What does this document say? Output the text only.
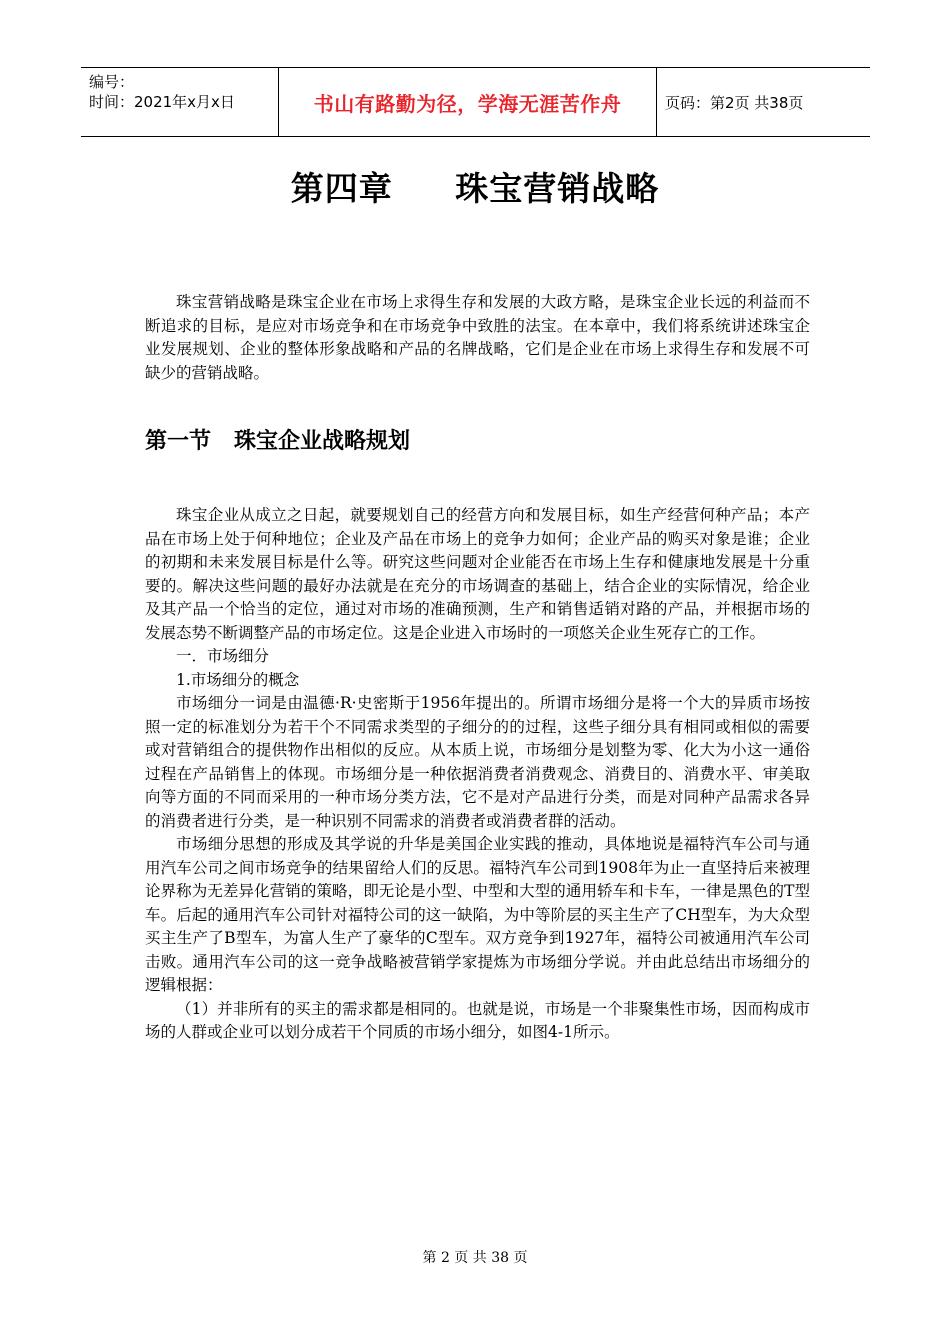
编号：
时间：2021年x月x日	书山有路勤为径，学海无涯苦作舟	页码：第2页 共38页
第四章     珠宝营销战略

珠宝营销战略是珠宝企业在市场上求得生存和发展的大政方略，是珠宝企业长远的利益而不断追求的目标，是应对市场竞争和在市场竞争中致胜的法宝。在本章中，我们将系统讲述珠宝企业发展规划、企业的整体形象战略和产品的名牌战略，它们是企业在市场上求得生存和发展不可缺少的营销战略。

第一节   珠宝企业战略规划

珠宝企业从成立之日起，就要规划自己的经营方向和发展目标，如生产经营何种产品；本产品在市场上处于何种地位；企业及产品在市场上的竞争力如何；企业产品的购买对象是谁；企业的初期和未来发展目标是什么等。研究这些问题对企业能否在市场上生存和健康地发展是十分重要的。解决这些问题的最好办法就是在充分的市场调查的基础上，结合企业的实际情况，给企业及其产品一个恰当的定位，通过对市场的准确预测，生产和销售适销对路的产品，并根据市场的发展态势不断调整产品的市场定位。这是企业进入市场时的一项悠关企业生死存亡的工作。

一．市场细分

1.市场细分的概念

市场细分一词是由温德·R·史密斯于1956年提出的。所谓市场细分是将一个大的异质市场按照一定的标准划分为若干个不同需求类型的子细分的的过程，这些子细分具有相同或相似的需要或对营销组合的提供物作出相似的反应。从本质上说，市场细分是划整为零、化大为小这一通俗过程在产品销售上的体现。市场细分是一种依据消费者消费观念、消费目的、消费水平、审美取向等方面的不同而采用的一种市场分类方法，它不是对产品进行分类，而是对同种产品需求各异的消费者进行分类，是一种识别不同需求的消费者或消费者群的活动。

市场细分思想的形成及其学说的升华是美国企业实践的推动，具体地说是福特汽车公司与通用汽车公司之间市场竞争的结果留给人们的反思。福特汽车公司到1908年为止一直坚持后来被理论界称为无差异化营销的策略，即无论是小型、中型和大型的通用轿车和卡车，一律是黑色的T型车。后起的通用汽车公司针对福特公司的这一缺陷，为中等阶层的买主生产了CH型车，为大众型买主生产了B型车，为富人生产了豪华的C型车。双方竞争到1927年，福特公司被通用汽车公司击败。通用汽车公司的这一竞争战略被营销学家提炼为市场细分学说。并由此总结出市场细分的逻辑根据：

（1）并非所有的买主的需求都是相同的。也就是说，市场是一个非聚集性市场，因而构成市场的人群或企业可以划分成若干个同质的市场小细分，如图4-1所示。

第 2 页 共 38 页
